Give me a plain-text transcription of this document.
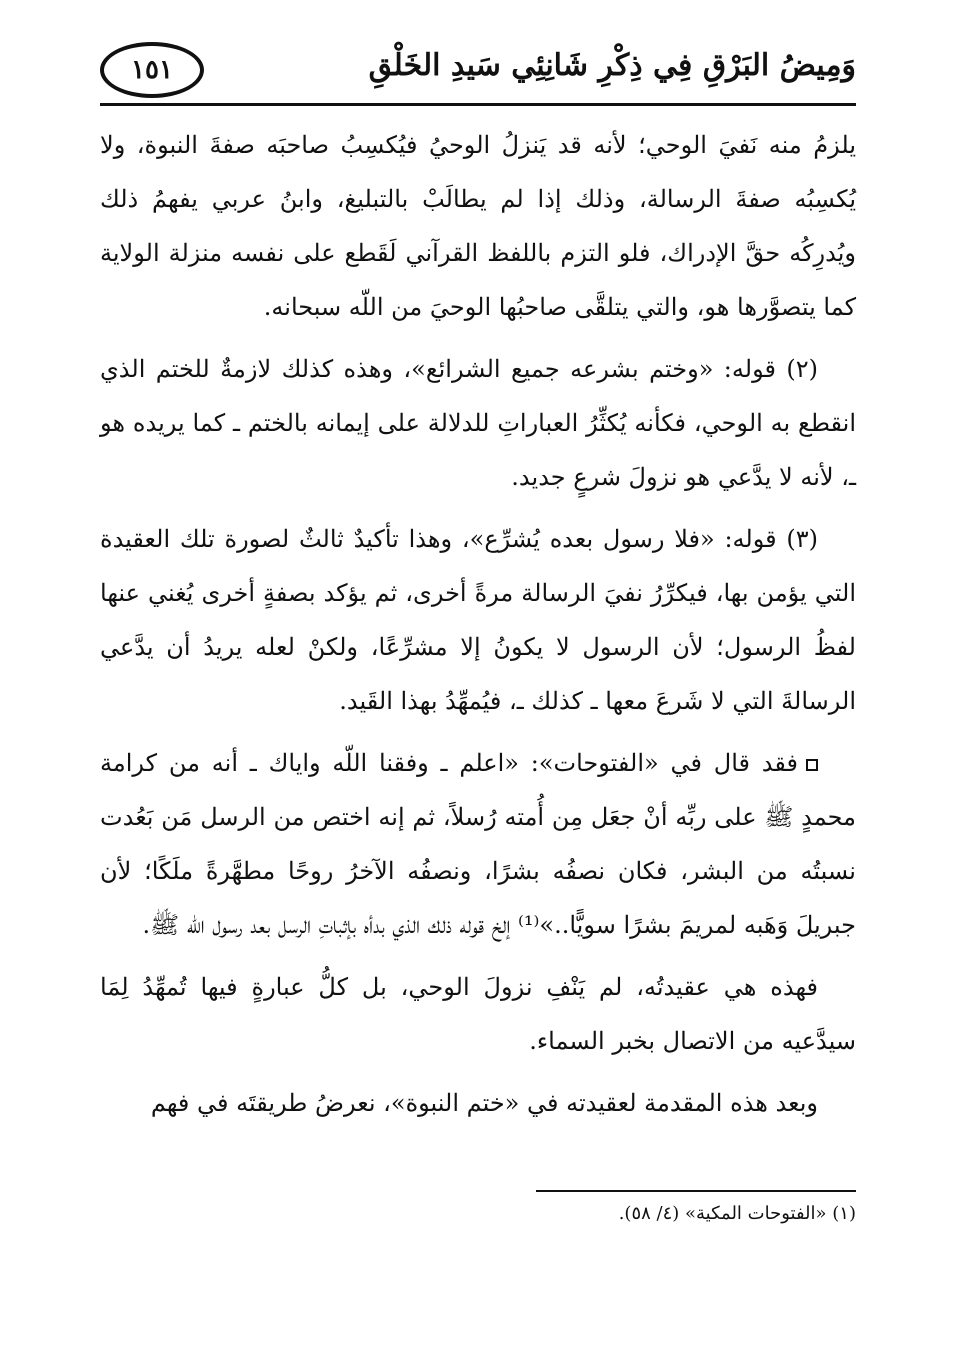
وَمِيضُ البَرْقِ فِي ذِكْرِ شَانِئِي سَيدِ الخَلْقِ
١٥١

يلزمُ منه نَفيَ الوحي؛ لأنه قد يَنزلُ الوحيُ فيُكسِبُ صاحبَه صفةَ النبوة، ولا يُكسِبُه صفةَ الرسالة، وذلك إذا لم يطالَبْ بالتبليغ، وابنُ عربي يفهمُ ذلك ويُدرِكُه حقَّ الإدراك، فلو التزم باللفظ القرآني لَقَطع على نفسه منزلة الولاية كما يتصوَّرها هو، والتي يتلقَّى صاحبُها الوحيَ من اللّه سبحانه.

(٢) قوله: «وختم بشرعه جميع الشرائع»، وهذه كذلك لازمةٌ للختم الذي انقطع به الوحي، فكأنه يُكثِّرُ العباراتِ للدلالة على إيمانه بالختم ـ كما يريده هو ـ، لأنه لا يدَّعي هو نزولَ شرعٍ جديد.

(٣) قوله: «فلا رسول بعده يُشرِّع»، وهذا تأكيدٌ ثالثٌ لصورة تلك العقيدة التي يؤمن بها، فيكرِّرُ نفيَ الرسالة مرةً أخرى، ثم يؤكد بصفةٍ أخرى يُغني عنها لفظُ الرسول؛ لأن الرسول لا يكونُ إلا مشرِّعًا، ولكنْ لعله يريدُ أن يدَّعي الرسالةَ التي لا شَرعَ معها ـ كذلك ـ، فيُمهِّدُ بهذا القَيد.

فقد قال في «الفتوحات»: «اعلم ـ وفقنا اللّه واياك ـ أنه من كرامة محمدٍ ﷺ على ربِّه أنْ جعَل مِن أُمته رُسلاً، ثم إنه اختص من الرسل مَن بَعُدت نسبتُه من البشر، فكان نصفُه بشرًا، ونصفُه الآخرُ روحًا مطهَّرةً ملَكًا؛ لأن جبريلَ وَهَبه لمريمَ بشرًا سويًّا..»⁽¹⁾ إلخ قوله ذلك الذي بدأه بإثباتِ الرسل بعد رسول اللّه ﷺ.

فهذه هي عقيدتُه، لم يَنْفِ نزولَ الوحي، بل كلُّ عبارةٍ فيها تُمهِّدُ لِمَا سيدَّعيه من الاتصال بخبر السماء.

وبعد هذه المقدمة لعقيدته في «ختم النبوة»، نعرضُ طريقتَه في فهم

(١) «الفتوحات المكية» (٤/ ٥٨).
